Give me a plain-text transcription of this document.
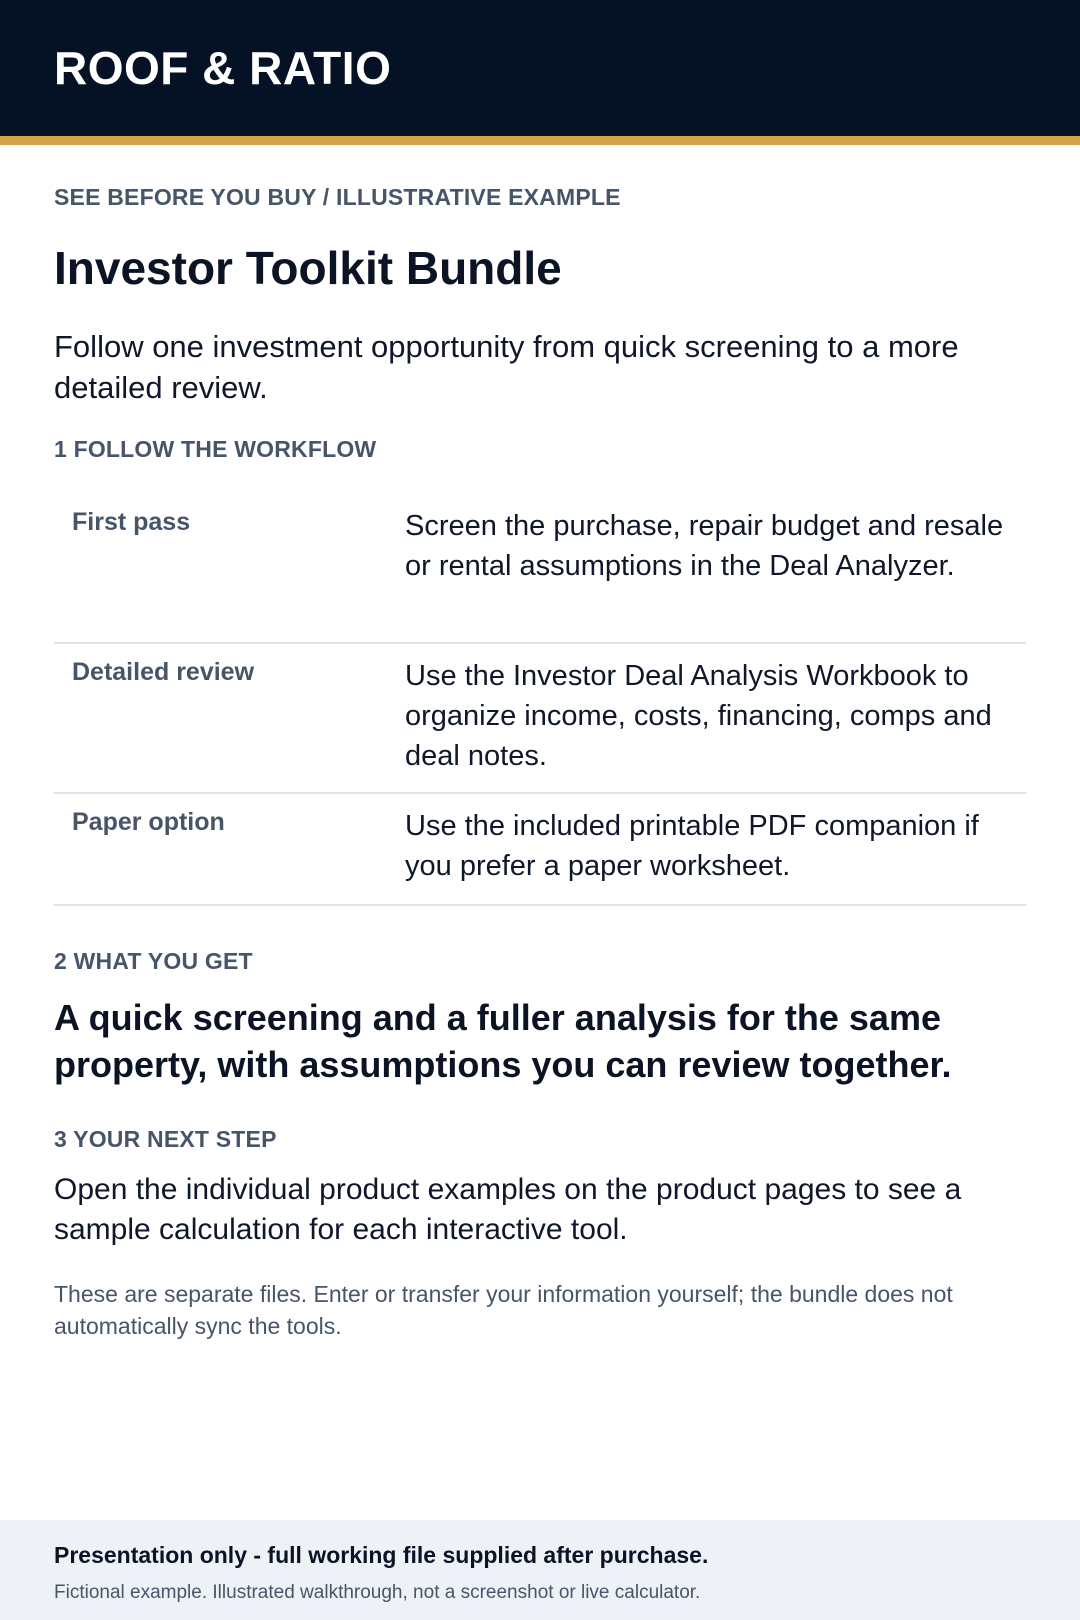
ROOF & RATIO

SEE BEFORE YOU BUY / ILLUSTRATIVE EXAMPLE

Investor Toolkit Bundle

Follow one investment opportunity from quick screening to a more detailed review.

1 FOLLOW THE WORKFLOW

First pass	Screen the purchase, repair budget and resale or rental assumptions in the Deal Analyzer.
Detailed review	Use the Investor Deal Analysis Workbook to organize income, costs, financing, comps and deal notes.
Paper option	Use the included printable PDF companion if you prefer a paper worksheet.

2 WHAT YOU GET

A quick screening and a fuller analysis for the same property, with assumptions you can review together.

3 YOUR NEXT STEP

Open the individual product examples on the product pages to see a sample calculation for each interactive tool.

These are separate files. Enter or transfer your information yourself; the bundle does not automatically sync the tools.

Presentation only - full working file supplied after purchase.

Fictional example. Illustrated walkthrough, not a screenshot or live calculator.
